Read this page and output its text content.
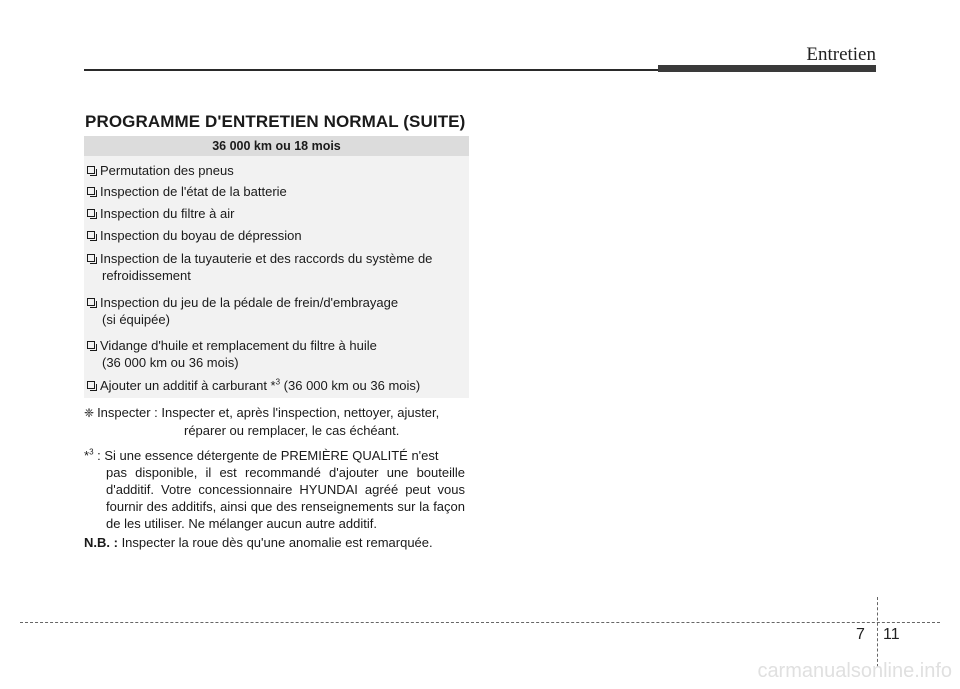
Entretien
PROGRAMME D'ENTRETIEN NORMAL (SUITE)
36 000 km ou 18 mois
Permutation des pneus
Inspection de l'état de la batterie
Inspection du filtre à air
Inspection du boyau de dépression
Inspection de la tuyauterie et des raccords du système de
refroidissement
Inspection du jeu de la pédale de frein/d'embrayage
(si équipée)
Vidange d'huile et remplacement du filtre à huile
(36 000 km ou 36 mois)
Ajouter un additif à carburant *$^3$ (36 000 km ou 36 mois)
❈ Inspecter : Inspecter et, après l'inspection, nettoyer, ajuster,
réparer ou remplacer, le cas échéant.
*$^3$ : Si une essence détergente de PREMIÈRE QUALITÉ n'est
pas disponible, il est recommandé d'ajouter une bouteille d'additif. Votre concessionnaire HYUNDAI agréé peut vous fournir des additifs, ainsi que des renseignements sur la façon de les utiliser. Ne mélanger aucun autre additif.
N.B. : Inspecter la roue dès qu'une anomalie est remarquée.
7 11
carmanualsonline.info
